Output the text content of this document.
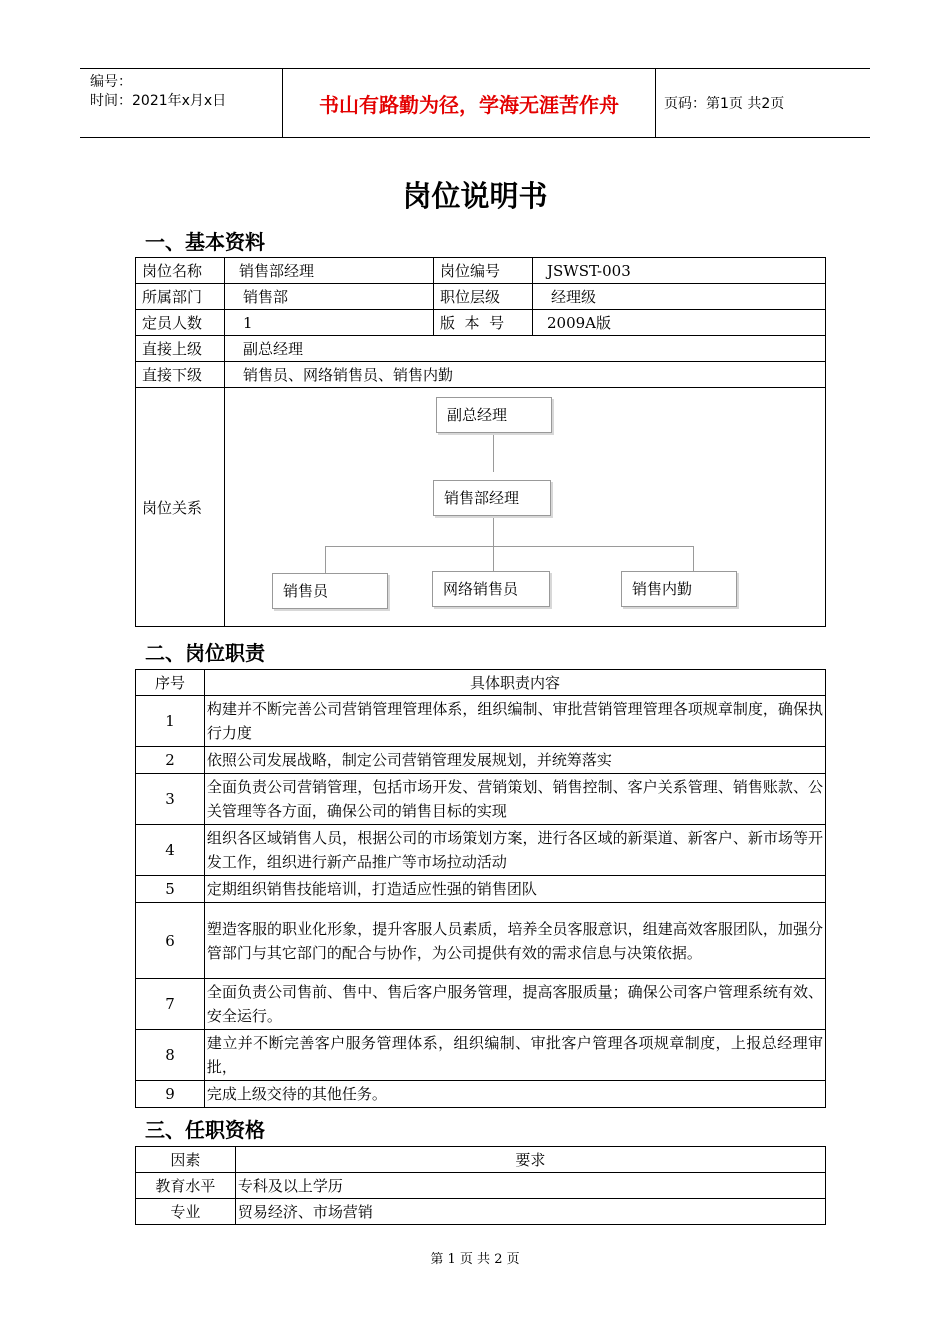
编号：
时间：2021年x月x日	书山有路勤为径，学海无涯苦作舟	页码：第1页 共2页
岗位说明书
一、基本资料
岗位名称	销售部经理	岗位编号	JSWST-003
所属部门	销售部	职位层级	经理级
定员人数	1	版  本  号	2009A版
直接上级	副总经理		
直接下级	销售员、网络销售员、销售内勤		
岗位关系	副总经理
销售部经理
销售员 网络销售员 销售内勤		
二、岗位职责
序号	具体职责内容
1	构建并不断完善公司营销管理管理体系，组织编制、审批营销管理管理各项规章制度，确保执行力度
2	依照公司发展战略，制定公司营销管理发展规划，并统筹落实
3	全面负责公司营销管理，包括市场开发、营销策划、销售控制、客户关系管理、销售账款、公关管理等各方面，确保公司的销售目标的实现
4	组织各区域销售人员，根据公司的市场策划方案，进行各区域的新渠道、新客户、新市场等开发工作，组织进行新产品推广等市场拉动活动
5	定期组织销售技能培训，打造适应性强的销售团队
6	塑造客服的职业化形象，提升客服人员素质，培养全员客服意识，组建高效客服团队，加强分管部门与其它部门的配合与协作，为公司提供有效的需求信息与决策依据。
7	全面负责公司售前、售中、售后客户服务管理，提高客服质量；确保公司客户管理系统有效、安全运行。
8	建立并不断完善客户服务管理体系，组织编制、审批客户管理各项规章制度，上报总经理审批，
9	完成上级交待的其他任务。
三、任职资格
因素	要求
教育水平	专科及以上学历
专业	贸易经济、市场营销
第 1 页 共 2 页
